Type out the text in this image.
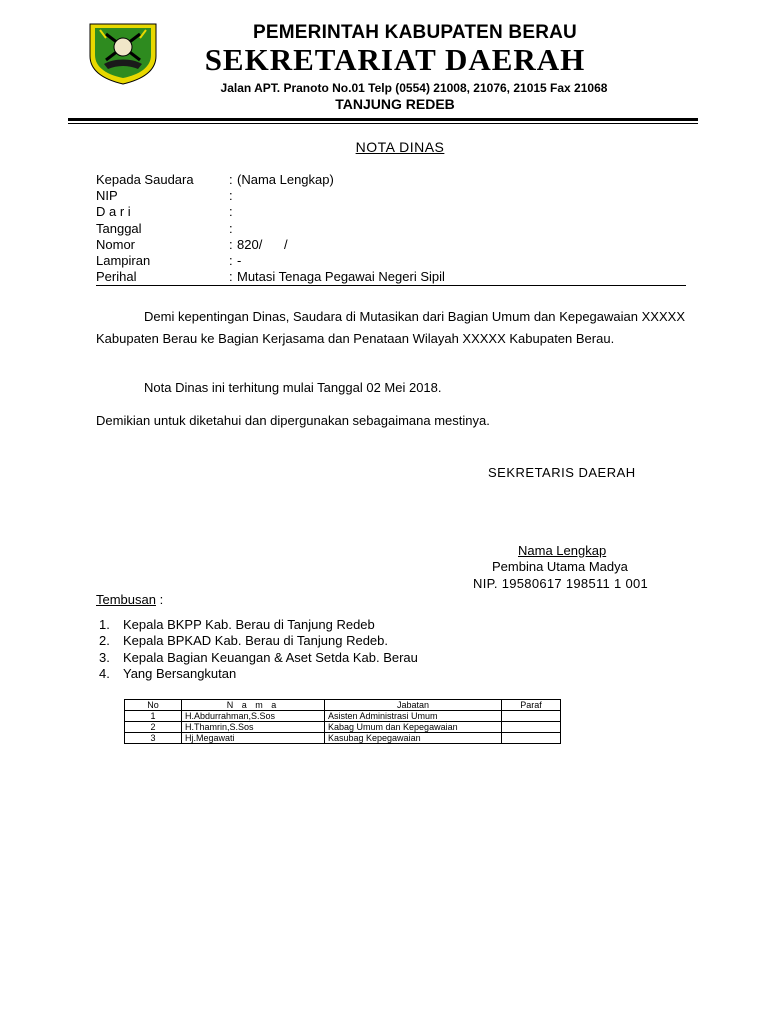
PEMERINTAH KABUPATEN BERAU
SEKRETARIAT DAERAH
Jalan APT. Pranoto No.01 Telp (0554) 21008, 21076, 21015 Fax 21068
TANJUNG REDEB
NOTA DINAS
Kepada Saudara	: (Nama Lengkap)
NIP	:
D a r i	:
Tanggal	:
Nomor	: 820/      /
Lampiran	: -
Perihal	: Mutasi Tenaga Pegawai Negeri Sipil
Demi kepentingan Dinas, Saudara di Mutasikan dari Bagian Umum dan Kepegawaian XXXXX Kabupaten Berau ke Bagian Kerjasama dan Penataan Wilayah XXXXX Kabupaten Berau.
Nota Dinas ini terhitung mulai Tanggal 02 Mei 2018.
Demikian untuk diketahui dan dipergunakan sebagaimana mestinya.
SEKRETARIS DAERAH
Nama Lengkap
Pembina Utama Madya
NIP. 19580617 198511 1 001
Tembusan :
1.	Kepala BKPP Kab. Berau di Tanjung Redeb
2.	Kepala BPKAD Kab. Berau di Tanjung Redeb.
3.	Kepala Bagian Keuangan & Aset Setda Kab. Berau
4.	Yang Bersangkutan
No	N a m a	Jabatan	Paraf
1	H.Abdurrahman,S.Sos	Asisten Administrasi Umum	
2	H.Thamrin,S.Sos	Kabag Umum dan Kepegawaian	
3	Hj.Megawati	Kasubag Kepegawaian	
